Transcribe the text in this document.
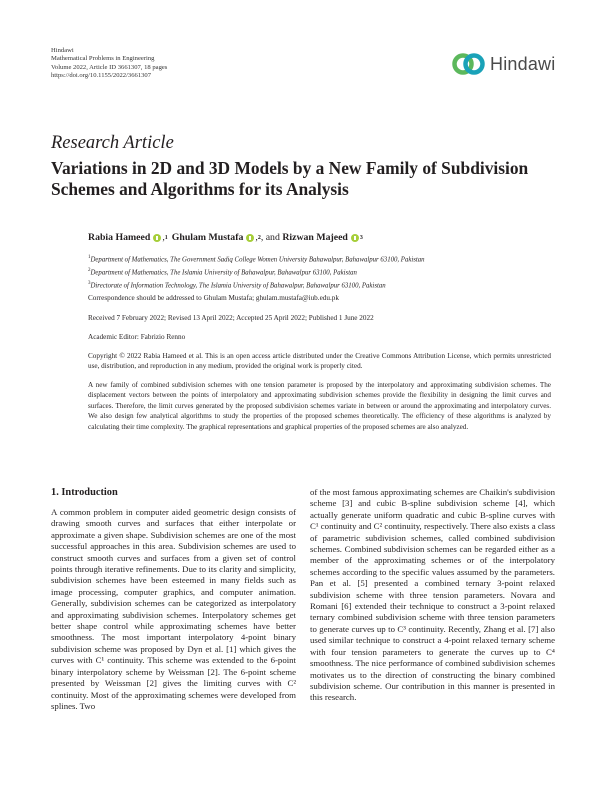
Hindawi
Mathematical Problems in Engineering
Volume 2022, Article ID 3661307, 18 pages
https://doi.org/10.1155/2022/3661307
Hindawi
Research Article
Variations in 2D and 3D Models by a New Family of Subdivision Schemes and Algorithms for its Analysis
Rabia Hameed , 1 Ghulam Mustafa , 2 , and Rizwan Majeed 3
$^1$Department of Mathematics, The Government Sadiq College Women University Bahawalpur, Bahawalpur 63100, Pakistan
$^2$Department of Mathematics, The Islamia University of Bahawalpur, Bahawalpur 63100, Pakistan
$^3$Directorate of Information Technology, The Islamia University of Bahawalpur, Bahawalpur 63100, Pakistan
Correspondence should be addressed to Ghulam Mustafa; ghulam.mustafa@iub.edu.pk
Received 7 February 2022; Revised 13 April 2022; Accepted 25 April 2022; Published 1 June 2022
Academic Editor: Fabrizio Renno
Copyright © 2022 Rabia Hameed et al. This is an open access article distributed under the Creative Commons Attribution License, which permits unrestricted use, distribution, and reproduction in any medium, provided the original work is properly cited.
A new family of combined subdivision schemes with one tension parameter is proposed by the interpolatory and approximating subdivision schemes. The displacement vectors between the points of interpolatory and approximating subdivision schemes provide the flexibility in designing the limit curves and surfaces. Therefore, the limit curves generated by the proposed subdivision schemes variate in between or around the approximating and interpolatory curves. We also design few analytical algorithms to study the properties of the proposed schemes theoretically. The efficiency of these algorithms is analyzed by calculating their time complexity. The graphical representations and graphical properties of the proposed schemes are also analyzed.
1. Introduction
A common problem in computer aided geometric design consists of drawing smooth curves and surfaces that either interpolate or approximate a given shape. Subdivision schemes are one of the most successful approaches in this area. Subdivision schemes are used to construct smooth curves and surfaces from a given set of control points through iterative refinements. Due to its clarity and simplicity, subdivision schemes have been esteemed in many fields such as image processing, computer graphics, and computer animation. Generally, subdivision schemes can be categorized as interpolatory and approximating subdivision schemes. Interpolatory schemes get better shape control while approximating schemes have better smoothness. The most important interpolatory 4-point binary subdivision scheme was proposed by Dyn et al. [1] which gives the curves with C¹ continuity. This scheme was extended to the 6-point binary interpolatory scheme by Weissman [2]. The 6-point scheme presented by Weissman [2] gives the limiting curves with C² continuity. Most of the approximating schemes were developed from splines. Two
of the most famous approximating schemes are Chaikin's subdivision scheme [3] and cubic B-spline subdivision scheme [4], which actually generate uniform quadratic and cubic B-spline curves with C¹ continuity and C² continuity, respectively. There also exists a class of parametric subdivision schemes, called combined subdivision schemes. Combined subdivision schemes can be regarded either as a member of the approximating schemes or of the interpolatory schemes according to the specific values assumed by the parameters. Pan et al. [5] presented a combined ternary 3-point relaxed subdivision scheme with three tension parameters. Novara and Romani [6] extended their technique to construct a 3-point relaxed ternary combined subdivision scheme with three tension parameters to generate curves up to C³ continuity. Recently, Zhang et al. [7] also used similar technique to construct a 4-point relaxed ternary scheme with four tension parameters to generate the curves up to C⁴ smoothness. The nice performance of combined subdivision schemes motivates us to the direction of constructing the binary combined subdivision scheme. Our contribution in this manner is presented in this research.
